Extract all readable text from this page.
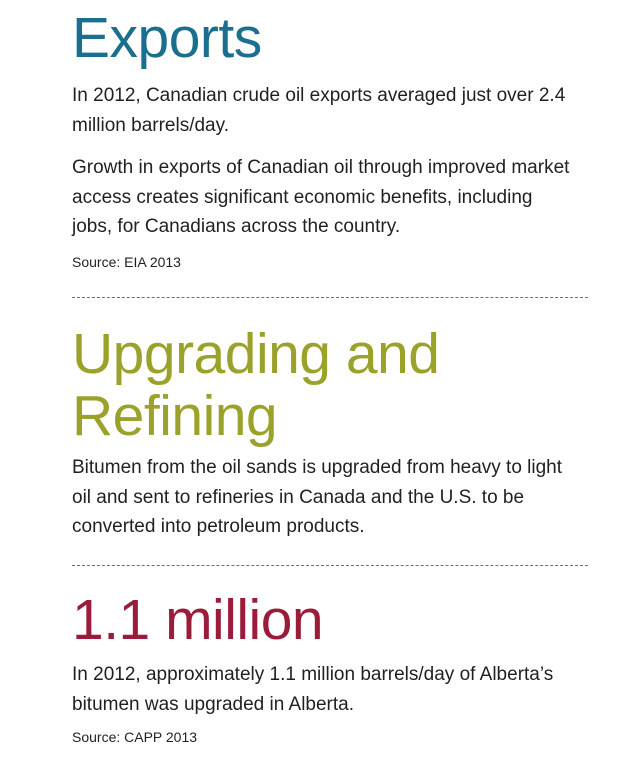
Exports

In 2012, Canadian crude oil exports averaged just over 2.4 million barrels/day.

Growth in exports of Canadian oil through improved market access creates significant economic benefits, including jobs, for Canadians across the country.

Source: EIA 2013

Upgrading and
Refining

Bitumen from the oil sands is upgraded from heavy to light oil and sent to refineries in Canada and the U.S. to be converted into petroleum products.

1.1 million

In 2012, approximately 1.1 million barrels/day of Alberta’s bitumen was upgraded in Alberta.

Source: CAPP 2013
